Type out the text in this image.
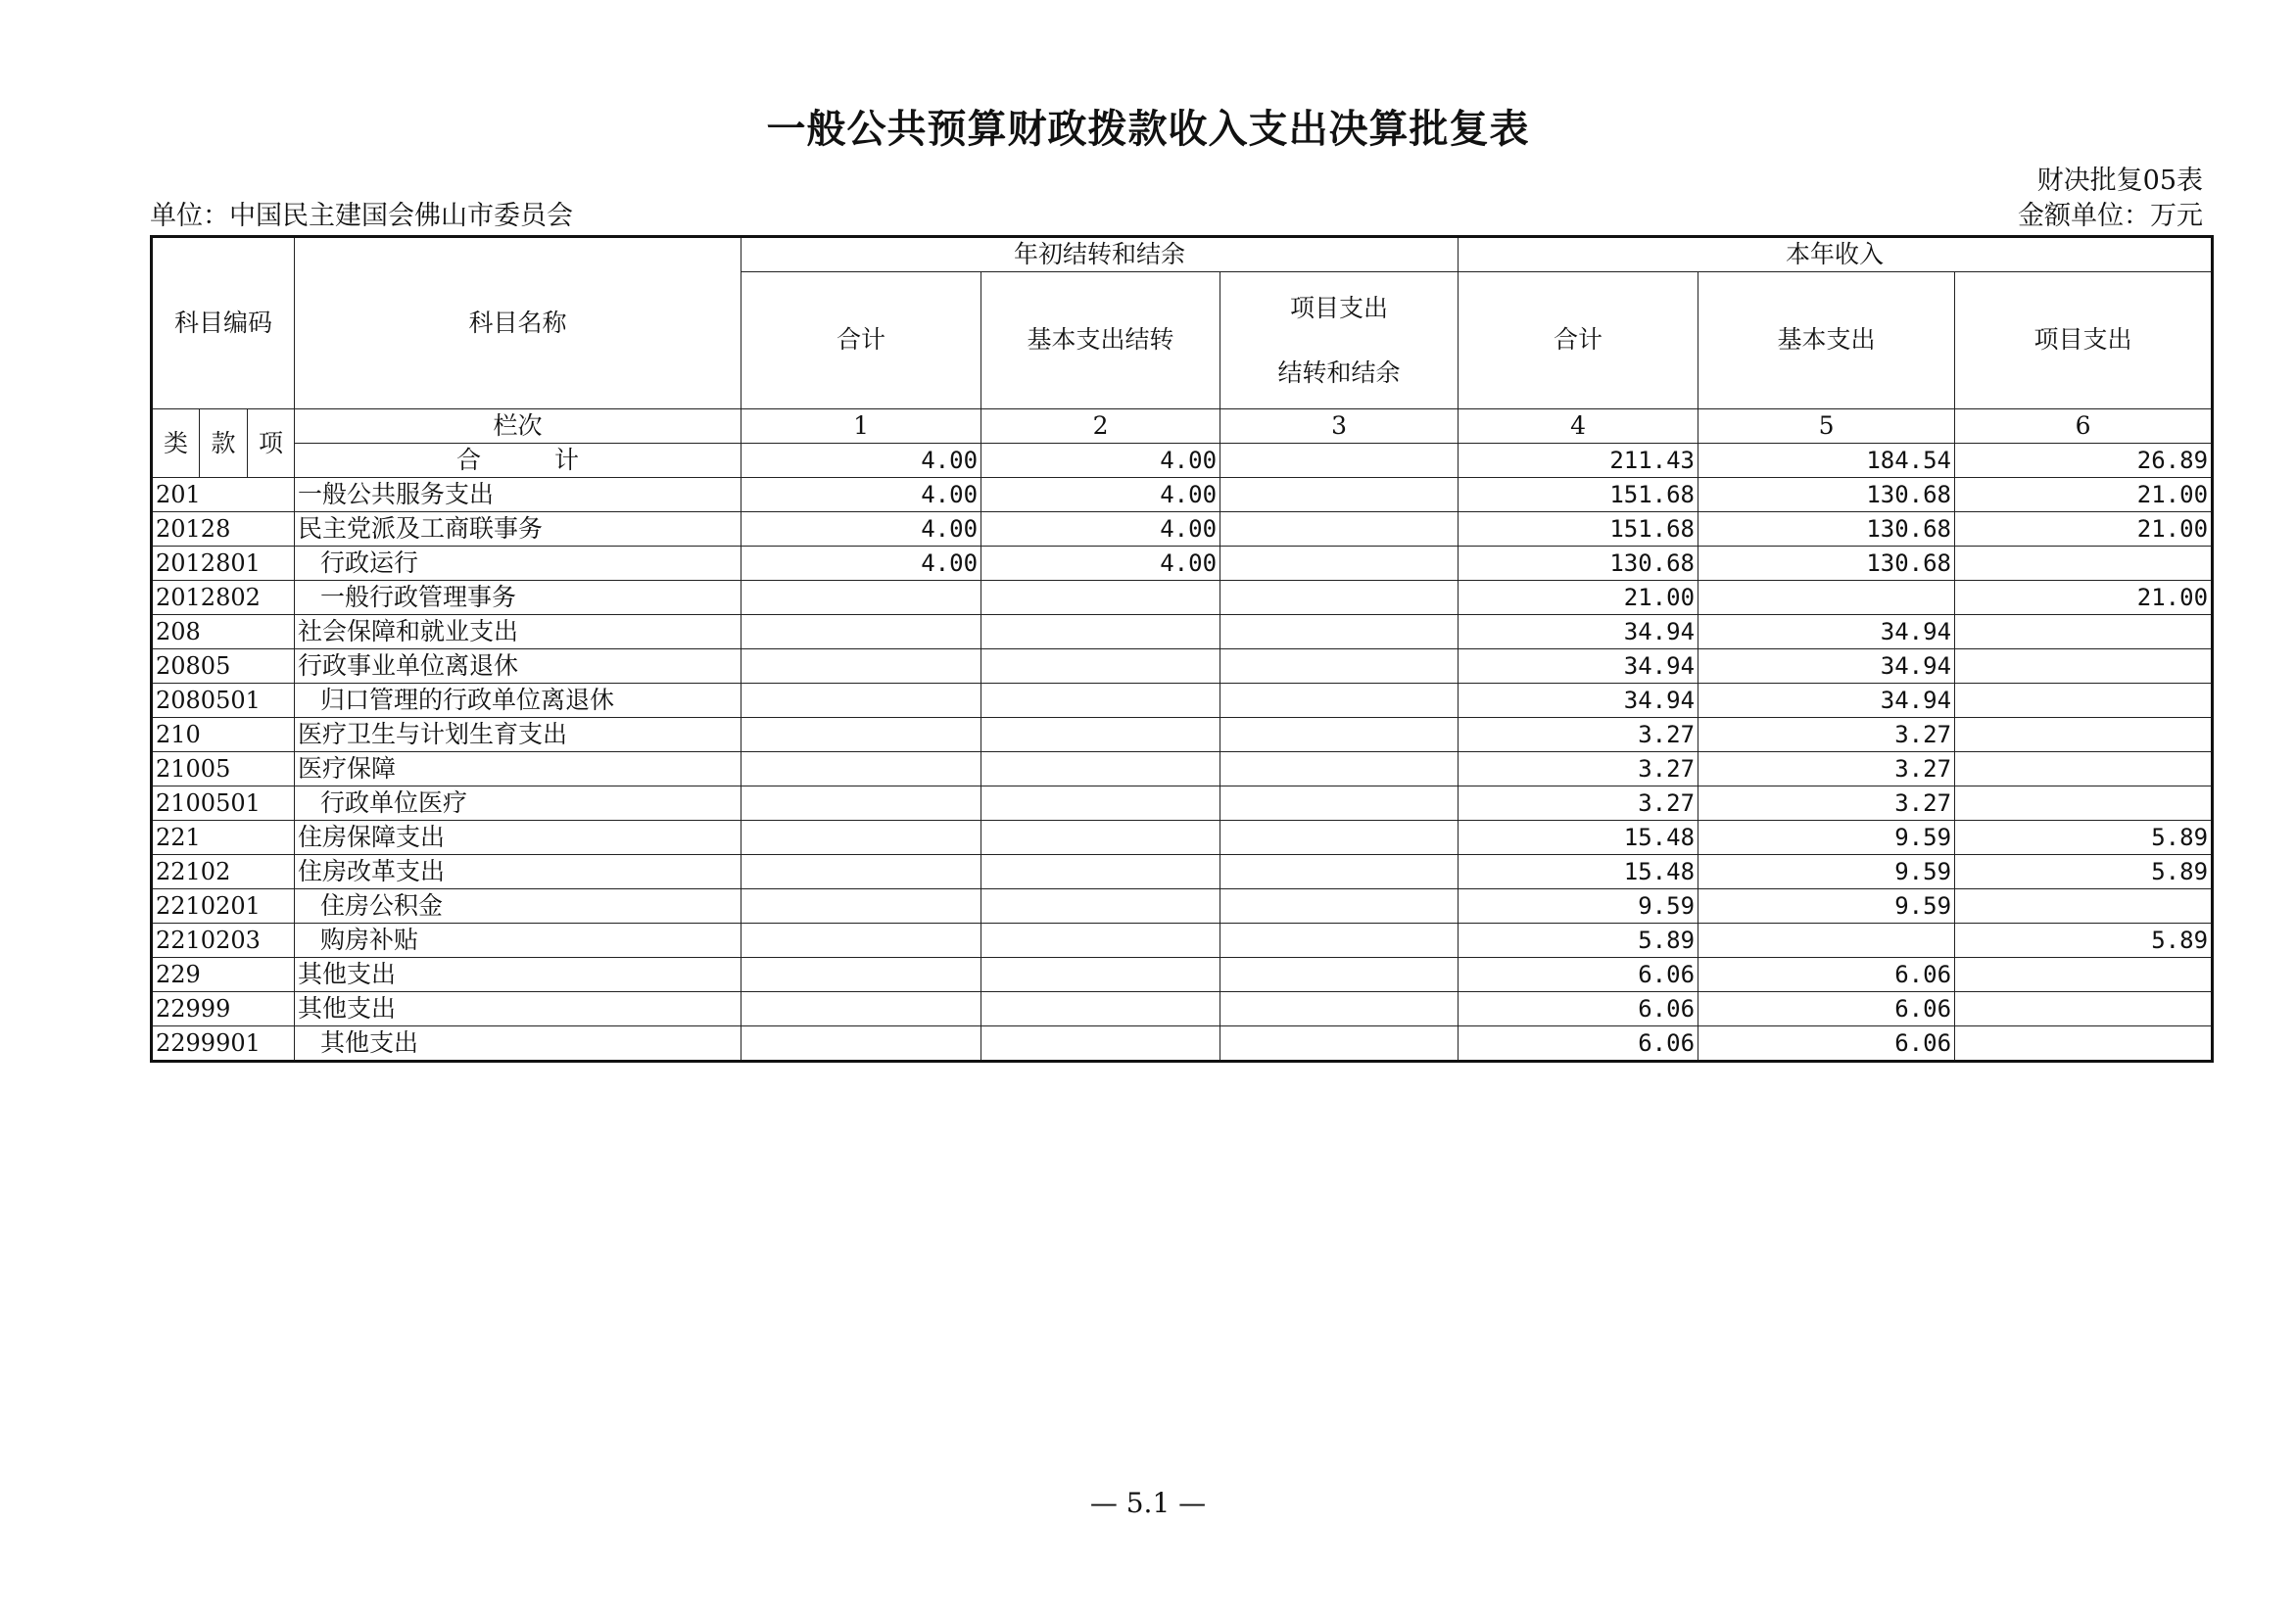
一般公共预算财政拨款收入支出决算批复表
财决批复05表
单位：中国民主建国会佛山市委员会	金额单位：万元
科目编码			科目名称	年初结转和结余			本年收入		
				合计	基本支出结转	项目支出
结转和结余	合计	基本支出	项目支出
类	款	项	栏次	1	2	3	4	5	6
			合　　　计	4.00	4.00		211.43	184.54	26.89
201			一般公共服务支出	4.00	4.00		151.68	130.68	21.00
20128			民主党派及工商联事务	4.00	4.00		151.68	130.68	21.00
2012801			行政运行	4.00	4.00		130.68	130.68	
2012802			一般行政管理事务				21.00		21.00
208			社会保障和就业支出				34.94	34.94	
20805			行政事业单位离退休				34.94	34.94	
2080501			归口管理的行政单位离退休				34.94	34.94	
210			医疗卫生与计划生育支出				3.27	3.27	
21005			医疗保障				3.27	3.27	
2100501			行政单位医疗				3.27	3.27	
221			住房保障支出				15.48	9.59	5.89
22102			住房改革支出				15.48	9.59	5.89
2210201			住房公积金				9.59	9.59	
2210203			购房补贴				5.89		5.89
229			其他支出				6.06	6.06	
22999			其他支出				6.06	6.06	
2299901			其他支出				6.06	6.06	
— 5.1 —
